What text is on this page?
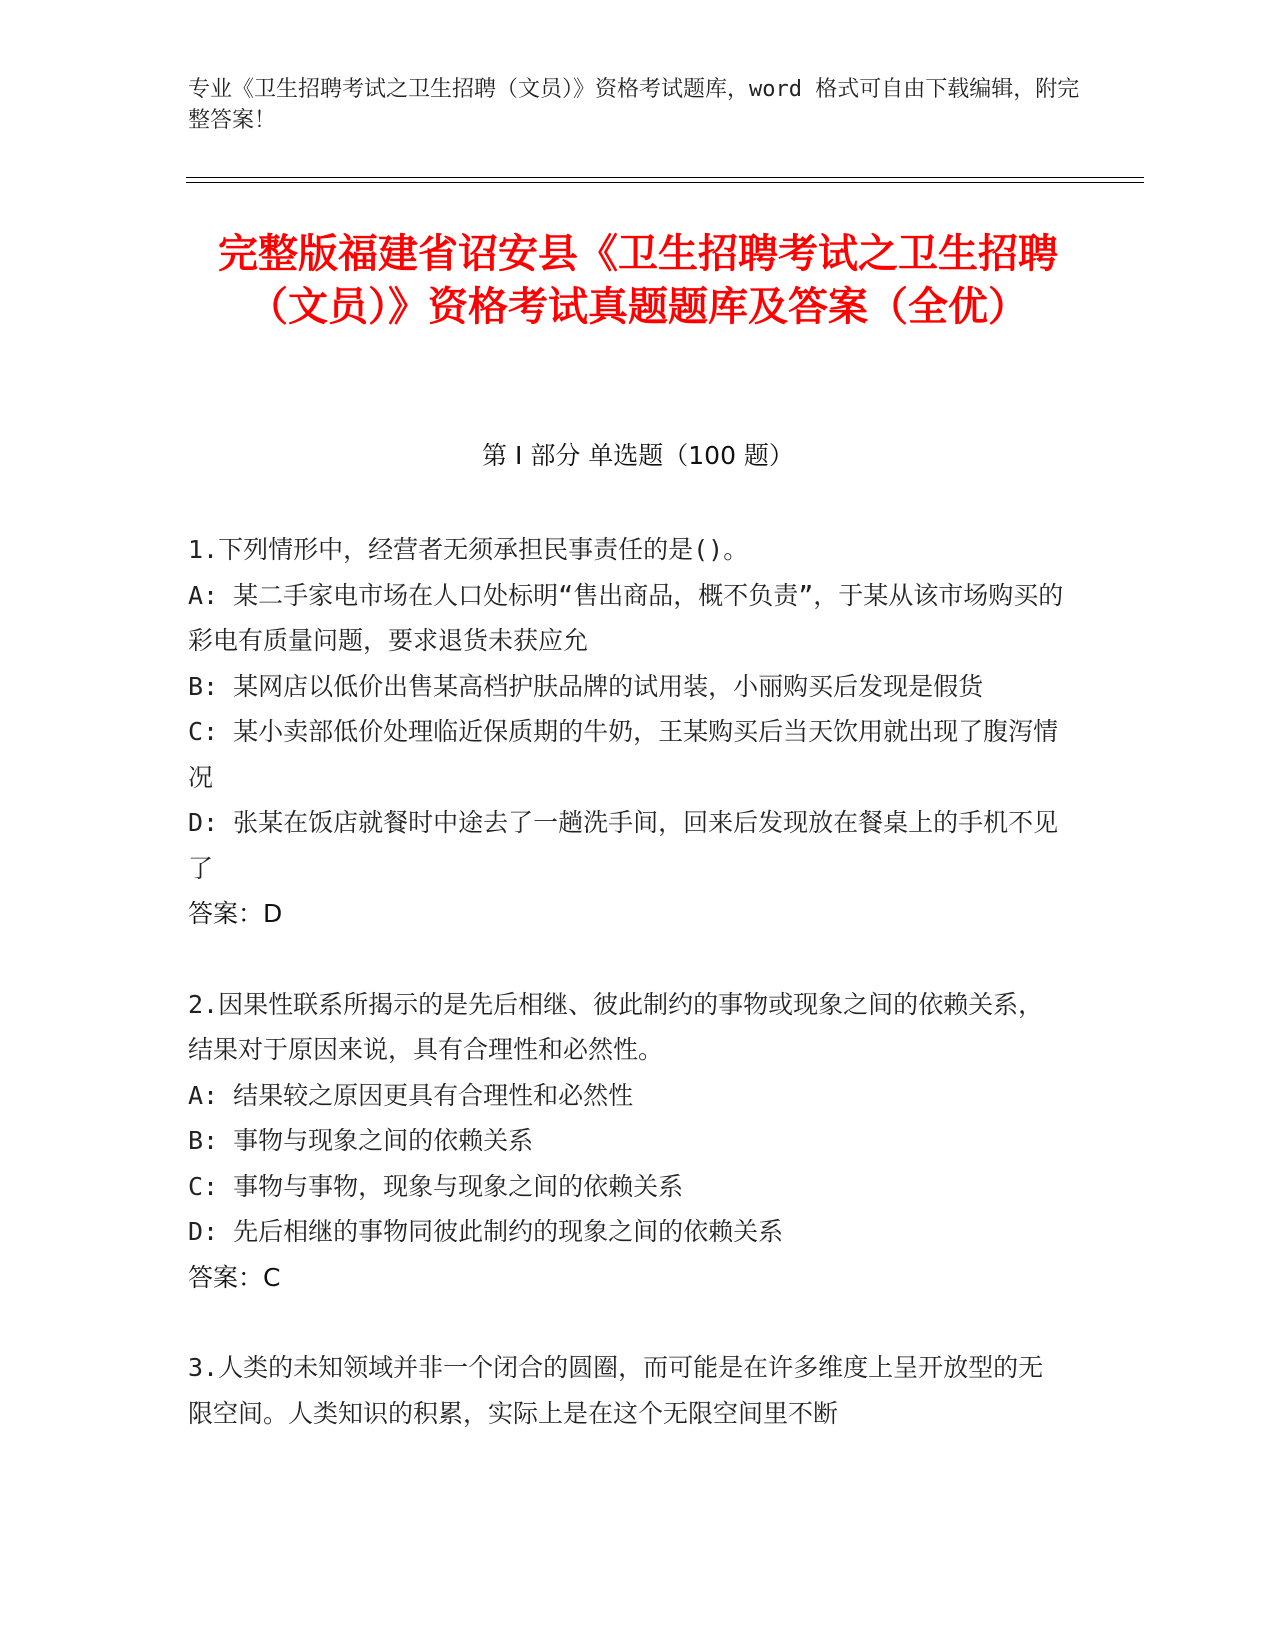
专业《卫生招聘考试之卫生招聘（文员）》资格考试题库，word 格式可自由下载编辑，附完整答案！
完整版福建省诏安县《卫生招聘考试之卫生招聘（文员）》资格考试真题题库及答案（全优）
第 I 部分 单选题（100 题）
1.下列情形中，经营者无须承担民事责任的是()。
A: 某二手家电市场在人口处标明“售出商品，概不负责”，于某从该市场购买的彩电有质量问题，要求退货未获应允
B: 某网店以低价出售某高档护肤品牌的试用装，小丽购买后发现是假货
C: 某小卖部低价处理临近保质期的牛奶，王某购买后当天饮用就出现了腹泻情况
D: 张某在饭店就餐时中途去了一趟洗手间，回来后发现放在餐桌上的手机不见了
答案：D
2.因果性联系所揭示的是先后相继、彼此制约的事物或现象之间的依赖关系，结果对于原因来说，具有合理性和必然性。
A: 结果较之原因更具有合理性和必然性
B: 事物与现象之间的依赖关系
C: 事物与事物，现象与现象之间的依赖关系
D: 先后相继的事物同彼此制约的现象之间的依赖关系
答案：C
3.人类的未知领域并非一个闭合的圆圈，而可能是在许多维度上呈开放型的无限空间。人类知识的积累，实际上是在这个无限空间里不断
